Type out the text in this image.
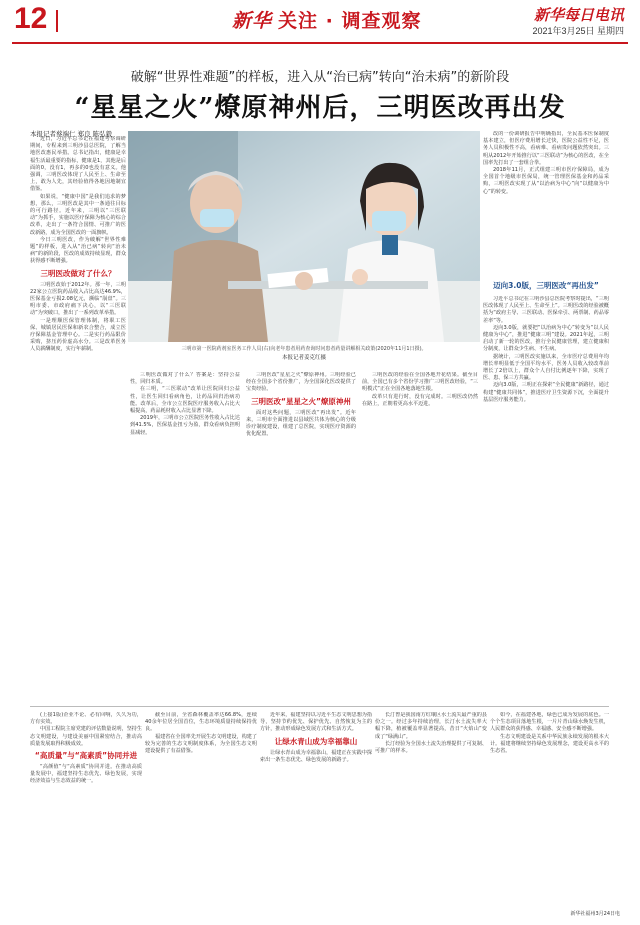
12	新华 关注 · 调查观察	新华每日电讯
2021年3月25日 星期四
破解“世界性难题”的样板，进入从“治已病”转向“治未病”的新阶段
“星星之火”燎原神州后，三明医改再出发
本报记者蔡端仁 郑良 陈弘毅

近日，习近平总书记在福建考察调研期间，专程来到三明沙县总医院，了解当地医改惠民举措。总书记指出，健康是幸福生活最重要的指标，健康是1，其他是后面的0，没有1，再多的0也没有意义。他强调，三明医改体现了人民至上、生命至上，敢为人先，其经验值得各地因地制宜借鉴。

如果说，“健康中国”是我们追求的梦想，那么，三明医改是其中一条通往目标的可行路径。近年来，三明以“三医联动”为抓手，实施以医疗保障为核心的综合改革，走出了一条符合国情、可推广的医改新路，成为全国医改的一面旗帜。

今日三明医改，作为破解“世界性难题”的样板，进入从“治已病”转向“治未病”的新阶段，医改的成效持续显现，群众获得感不断增强。

三明医改做对了什么？

三明医改始于2012年。那一年，三明22家公立医院药品收入占比高达46.9%，医保基金亏损2.08亿元，濒临“崩盘”。三明市委、市政府痛下决心，以“三医联动”为突破口，推出了一系列改革举措。

一是理顺医保管理体制，将职工医保、城镇居民医保和新农合整合，成立医疗保障基金管理中心。二是实行药品限价采购，挤压药价虚高水分。三是改革医务人员薪酬制度，实行年薪制。	三明市第一医院药剂室医务工作人员(右)向老年患者用药查询时问患者药量讲解相关政策(2020年11月1日摄)。
本报记者姜克红摄

改的一份调研报告中明确指出，全民基本医保制度基本建立，但医疗费用增长过快，医院公益性不足，医务人员积极性不高，看病难、看病贵问题依然突出。三明从2012年开始推行以“三医联动”为核心的医改，在全国率先打出了一套组合拳。

2018年11月，正式组建三明市医疗保障局，成为全国首个地级市医保局，统一管理医保基金和药品采购，三明医改实现了从“以治病为中心”向“以健康为中心”的转变。

迈向3.0版，三明医改“再出发”

习近平总书记在三明沙县总医院考察时提出，“三明医改体现了人民至上、生命至上”。三明医改的经验被概括为“政府主导、三医联动、医保牵引、两票制、药品零差率”等。

迈向3.0版，就要把“以治病为中心”转变为“以人民健康为中心”，推进“健康三明”建设。2021年起，三明启动了新一轮的医改，推行全民健康管理，建立健康积分制度，让群众少生病、不生病。

据统计，三明医改实施以来，全市医疗总费用年均增长率明显低于全国平均水平，医务人员收入较改革前增长了2倍以上，群众个人自付比例逐年下降，实现了医、患、保三方共赢。

迈向3.0版，三明正在探索“全民健康”新路径，通过构建“健康共同体”，推进医疗卫生资源下沉，全面提升基层医疗服务能力。

三明医改做对了什么？答案是：坚持公益性，回归本质。

在三明，“三医联动”改革让医院回归公益性，让医生回归看病角色，让药品回归治病功能。改革后，全市公立医院医疗服务收入占比大幅提高，药品耗材收入占比显著下降。

2019年，三明市公立医院医务性收入占比达到41.5%，医保基金扭亏为盈，群众看病负担明显减轻。

三明医改“星星之火”燎原神州。三明经验已经在全国多个省份推广，为全国深化医改提供了宝贵经验。

三明医改“星星之火”燎原神州

面对这些问题，三明医改“再出发”。近年来，三明市全面推进以县域医共体为核心的分级诊疗制度建设，组建了总医院，实现医疗资源的优化配置。

三明医改的经验在全国各地开花结果。截至目前，全国已有多个省份学习推广三明医改经验，“三明模式”正在全国各地落地生根。

改革只有进行时，没有完成时。三明医改仍然在路上，正朝着更高水平迈进。

(上接1版)企业不论、必有回响，久久为功，方有实效。

中国工程院主席党建的评估数量说明，坚持生态文明建设，与建设美丽中国紧密结合，推动高质量发展取得积极成效。

“高质量”与“高素质”协同并进

“高颜值”与“高素质”协同并进。在推动高质量发展中，福建坚持生态优先、绿色发展，实现经济效益与生态效益的统一。

截至目前，全省森林覆盖率达66.8%，连续40余年位居全国首位，生态环境质量持续保持优良。

福建省在全国率先开展生态文明建设，构建了较为完善的生态文明制度体系，为全国生态文明建设提供了有益借鉴。

近年来，福建坚持以习近平生态文明思想为指导，坚持节约优先、保护优先、自然恢复为主的方针，推动形成绿色发展方式和生活方式。

让绿水青山成为幸福靠山

让绿水青山成为幸福靠山，福建正在实践中探索出一条生态优先、绿色发展的新路子。

长汀曾是我国南方红壤区水土流失最严重的县份之一。经过多年持续治理，长汀水土流失率大幅下降，植被覆盖率显著提高，昔日“火焰山”变成了“绿满山”。

长汀经验为全国水土流失治理提供了可复制、可推广的样本。

如今，在福建各地，绿色已成为发展的底色。一个个生态项目落地生根，一片片青山绿水焕发生机，人民群众的获得感、幸福感、安全感不断增强。

生态文明建设是关系中华民族永续发展的根本大计。福建将继续坚持绿色发展理念，建设更高水平的生态省。

新华社福州3月24日电
